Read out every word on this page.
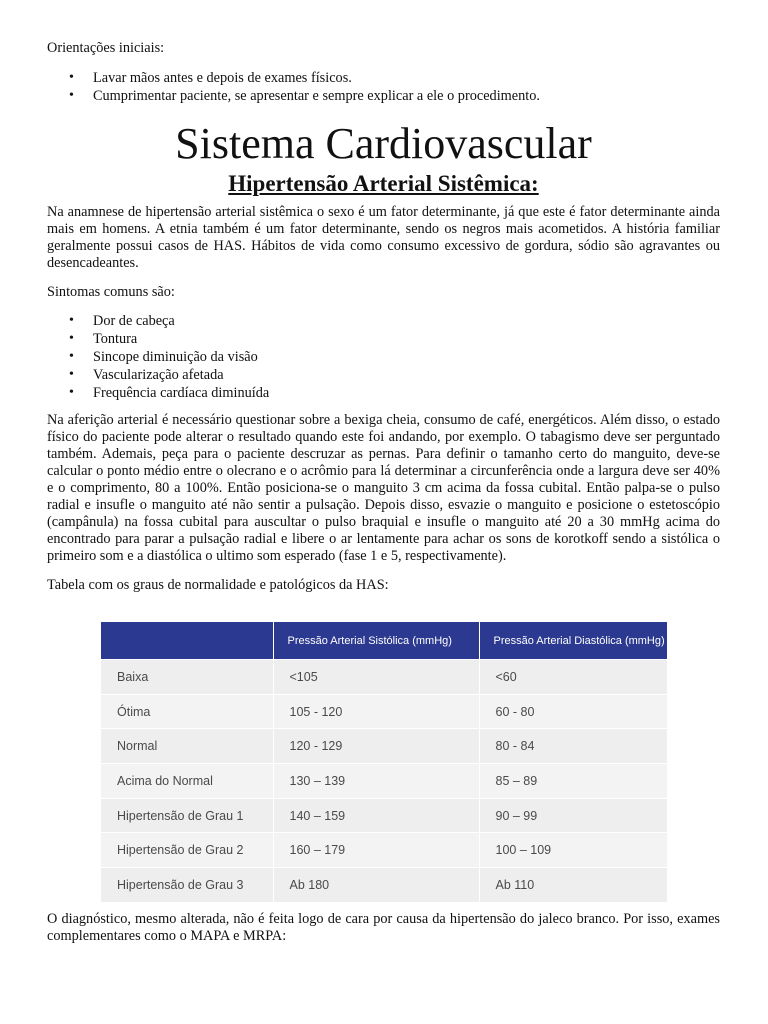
Orientações iniciais:

• Lavar mãos antes e depois de exames físicos.
• Cumprimentar paciente, se apresentar e sempre explicar a ele o procedimento.
Sistema Cardiovascular
Hipertensão Arterial Sistêmica:

Na anamnese de hipertensão arterial sistêmica o sexo é um fator determinante, já que este é fator determinante ainda mais em homens. A etnia também é um fator determinante, sendo os negros mais acometidos. A história familiar geralmente possui casos de HAS. Hábitos de vida como consumo excessivo de gordura, sódio são agravantes ou desencadeantes.

Sintomas comuns são:

• Dor de cabeça
• Tontura
• Sincope diminuição da visão
• Vascularização afetada
• Frequência cardíaca diminuída

Na aferição arterial é necessário questionar sobre a bexiga cheia, consumo de café, energéticos. Além disso, o estado físico do paciente pode alterar o resultado quando este foi andando, por exemplo. O tabagismo deve ser perguntado também. Ademais, peça para o paciente descruzar as pernas. Para definir o tamanho certo do manguito, deve-se calcular o ponto médio entre o olecrano e o acrômio para lá determinar a circunferência onde a largura deve ser 40% e o comprimento, 80 a 100%. Então posiciona-se o manguito 3 cm acima da fossa cubital. Então palpa-se o pulso radial e insufle o manguito até não sentir a pulsação. Depois disso, esvazie o manguito e posicione o estetoscópio (campânula) na fossa cubital para auscultar o pulso braquial e insufle o manguito até 20 a 30 mmHg acima do encontrado para parar a pulsação radial e libere o ar lentamente para achar os sons de korotkoff sendo a sistólica o primeiro som e a diastólica o ultimo som esperado (fase 1 e 5, respectivamente).

Tabela com os graus de normalidade e patológicos da HAS:

	Pressão Arterial Sistólica (mmHg)	Pressão Arterial Diastólica (mmHg)
Baixa	<105	<60
Ótima	105 - 120	60 - 80
Normal	120 - 129	80 - 84
Acima do Normal	130 – 139	85 – 89
Hipertensão de Grau 1	140 – 159	90 – 99
Hipertensão de Grau 2	160 – 179	100 – 109
Hipertensão de Grau 3	Ab 180	Ab 110

O diagnóstico, mesmo alterada, não é feita logo de cara por causa da hipertensão do jaleco branco. Por isso, exames complementares como o MAPA e MRPA:
